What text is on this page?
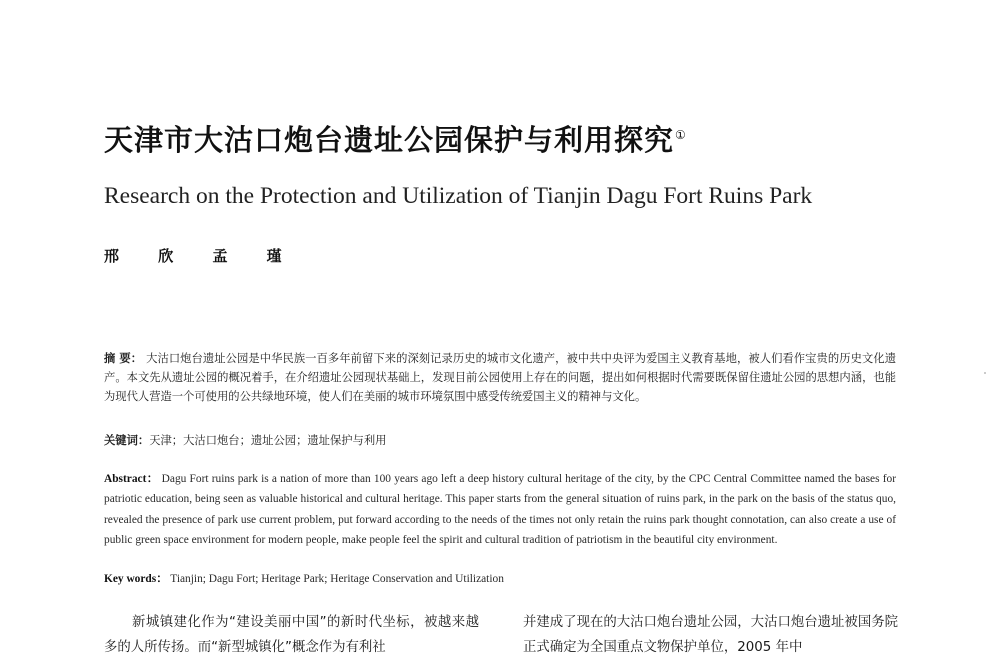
天津市大沽口炮台遗址公园保护与利用探究①
Research on the Protection and Utilization of Tianjin Dagu Fort Ruins Park
邢 欣 孟 瑾
摘 要： 大沽口炮台遗址公园是中华民族一百多年前留下来的深刻记录历史的城市文化遗产，被中共中央评为爱国主义教育基地，被人们看作宝贵的历史文化遗产。本文先从遗址公园的概况着手，在介绍遗址公园现状基础上，发现目前公园使用上存在的问题，提出如何根据时代需要既保留住遗址公园的思想内涵，也能为现代人营造一个可使用的公共绿地环境，使人们在美丽的城市环境氛围中感受传统爱国主义的精神与文化。
关键词：天津；大沽口炮台；遗址公园；遗址保护与利用
Abstract： Dagu Fort ruins park is a nation of more than 100 years ago left a deep history cultural heritage of the city, by the CPC Central Committee named the bases for patriotic education, being seen as valuable historical and cultural heritage. This paper starts from the general situation of ruins park, in the park on the basis of the status quo, revealed the presence of park use current problem, put forward according to the needs of the times not only retain the ruins park thought connotation, can also create a use of public green space environment for modern people, make people feel the spirit and cultural tradition of patriotism in the beautiful city environment.
Key words： Tianjin; Dagu Fort; Heritage Park; Heritage Conservation and Utilization

新城镇建化作为“建设美丽中国”的新时代坐标，被越来越多的人所传扬。而“新型城镇化”概念作为有利社

并建成了现在的大沽口炮台遗址公园，大沽口炮台遗址被国务院正式确定为全国重点文物保护单位，2005 年中
